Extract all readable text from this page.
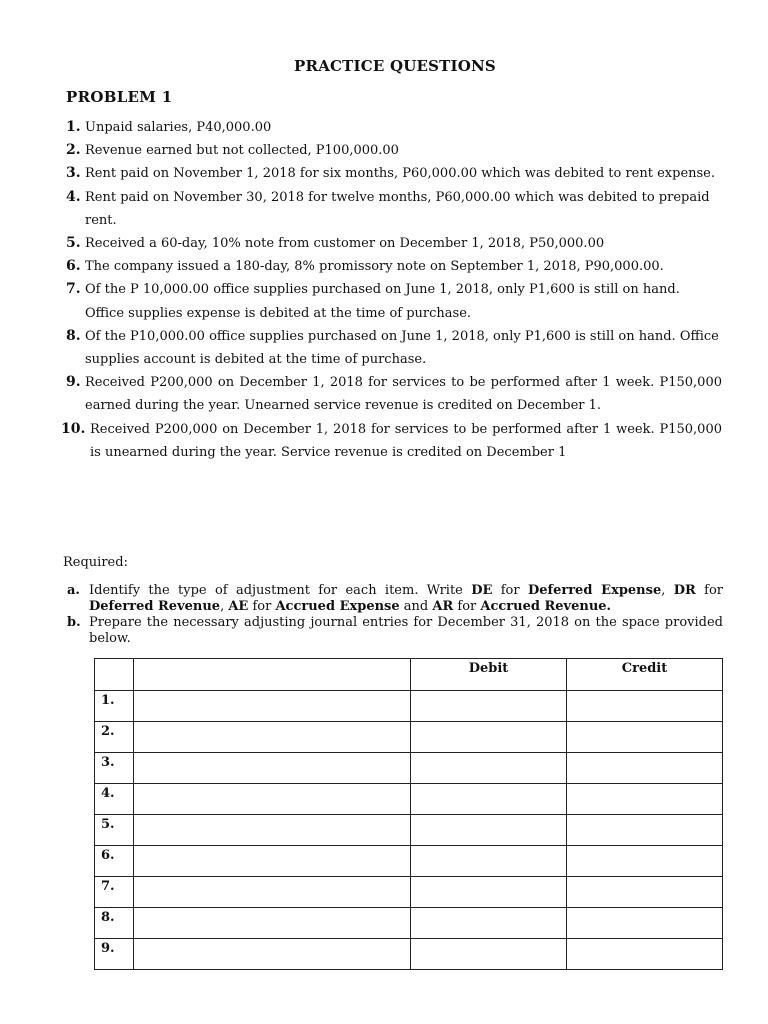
PRACTICE QUESTIONS
PROBLEM 1
1. Unpaid salaries, P40,000.00
2. Revenue earned but not collected, P100,000.00
3. Rent paid on November 1, 2018 for six months, P60,000.00 which was debited to rent expense.
4. Rent paid on November 30, 2018 for twelve months, P60,000.00 which was debited to prepaid rent.
5. Received a 60-day, 10% note from customer on December 1, 2018, P50,000.00
6. The company issued a 180-day, 8% promissory note on September 1, 2018, P90,000.00.
7. Of the P 10,000.00 office supplies purchased on June 1, 2018, only P1,600 is still on hand. Office supplies expense is debited at the time of purchase.
8. Of the P10,000.00 office supplies purchased on June 1, 2018, only P1,600 is still on hand. Office supplies account is debited at the time of purchase.
9. Received P200,000 on December 1, 2018 for services to be performed after 1 week. P150,000 earned during the year. Unearned service revenue is credited on December 1.
10. Received P200,000 on December 1, 2018 for services to be performed after 1 week. P150,000 is unearned during the year. Service revenue is credited on December 1
Required:
a. Identify the type of adjustment for each item. Write DE for Deferred Expense, DR for Deferred Revenue, AE for Accrued Expense and AR for Accrued Revenue.
b. Prepare the necessary adjusting journal entries for December 31, 2018 on the space provided below.
		Debit	Credit
1.			
2.			
3.			
4.			
5.			
6.			
7.			
8.			
9.			
